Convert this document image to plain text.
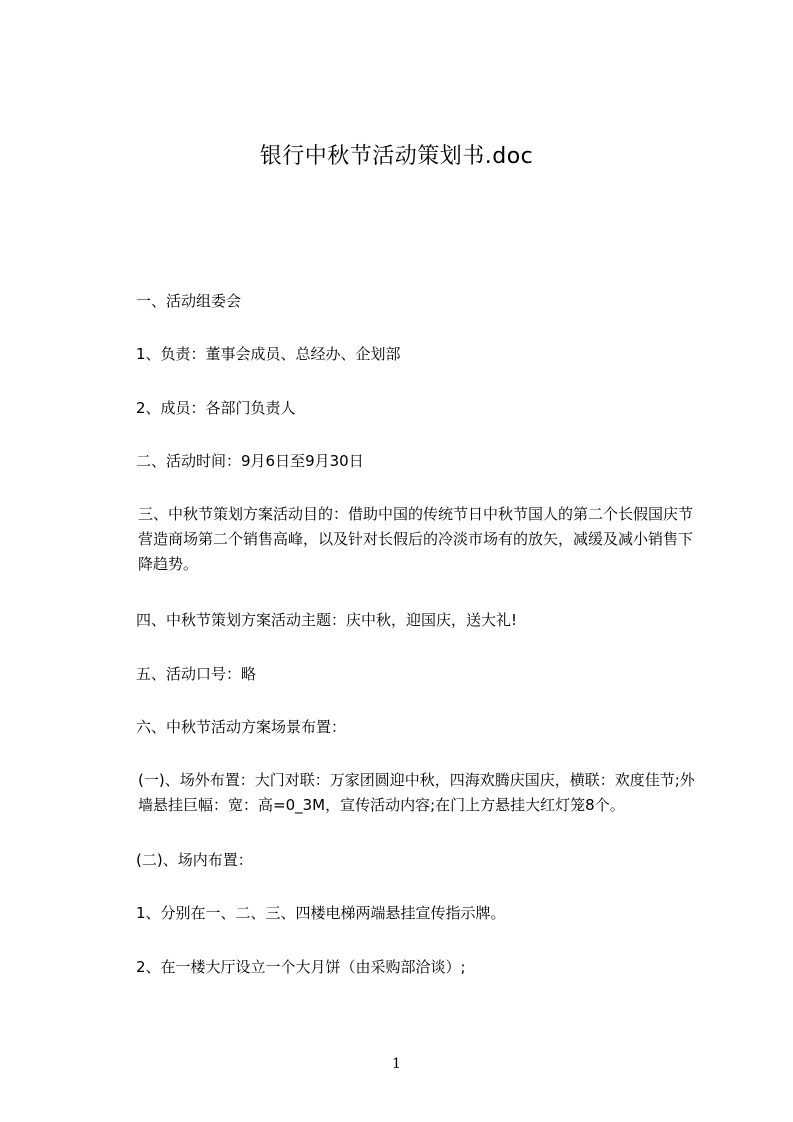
银行中秋节活动策划书.doc
一、活动组委会
1、负责：董事会成员、总经办、企划部
2、成员：各部门负责人
二、活动时间：9月6日至9月30日
三、中秋节策划方案活动目的：借助中国的传统节日中秋节国人的第二个长假国庆节营造商场第二个销售高峰，以及针对长假后的冷淡市场有的放矢，减缓及减小销售下降趋势。
四、中秋节策划方案活动主题：庆中秋，迎国庆，送大礼!
五、活动口号：略
六、中秋节活动方案场景布置：
(一)、场外布置：大门对联：万家团圆迎中秋，四海欢腾庆国庆，横联：欢度佳节;外墙悬挂巨幅：宽：高=0_3M，宣传活动内容;在门上方悬挂大红灯笼8个。
(二)、场内布置：
1、分别在一、二、三、四楼电梯两端悬挂宣传指示牌。
2、在一楼大厅设立一个大月饼（由采购部洽谈）;
1
